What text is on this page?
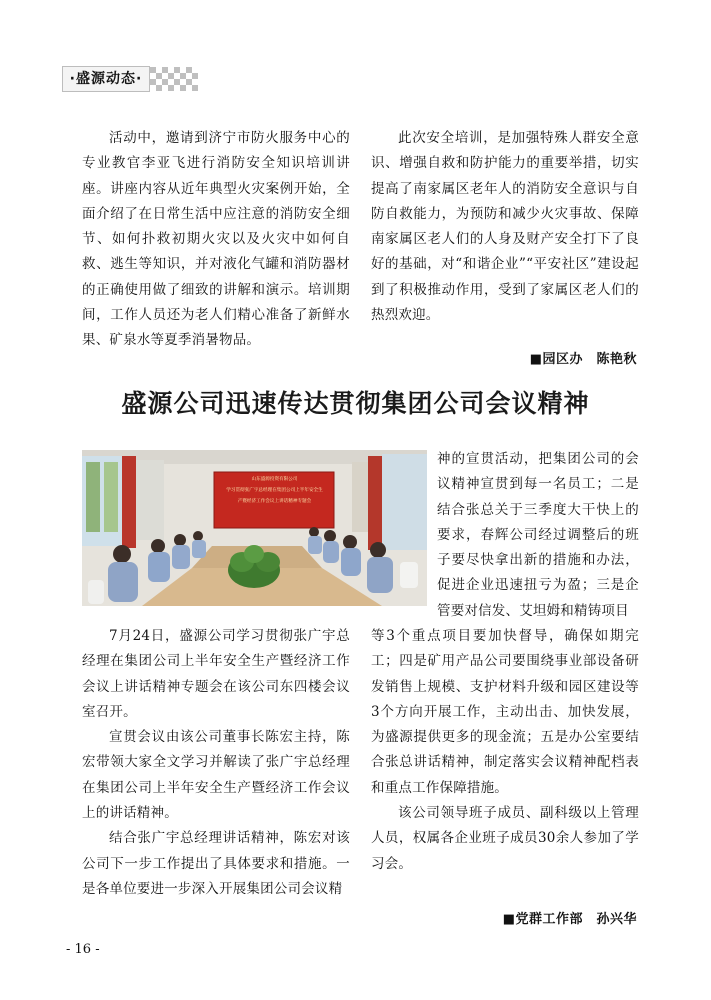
·盛源动态·

活动中，邀请到济宁市防火服务中心的专业教官李亚飞进行消防安全知识培训讲座。讲座内容从近年典型火灾案例开始，全面介绍了在日常生活中应注意的消防安全细节、如何扑救初期火灾以及火灾中如何自救、逃生等知识，并对液化气罐和消防器材的正确使用做了细致的讲解和演示。培训期间，工作人员还为老人们精心准备了新鲜水果、矿泉水等夏季消暑物品。

此次安全培训，是加强特殊人群安全意识、增强自救和防护能力的重要举措，切实提高了南家属区老年人的消防安全意识与自防自救能力，为预防和减少火灾事故、保障南家属区老人们的人身及财产安全打下了良好的基础，对“和谐企业”“平安社区”建设起到了积极推动作用，受到了家属区老人们的热烈欢迎。

■园区办　陈艳秋
盛源公司迅速传达贯彻集团公司会议精神
山东盛源投资有限公司
学习贯彻张广宇总经理在集团公司上半年安全生
产暨经济工作会议上讲话精神专题会

神的宣贯活动，把集团公司的会议精神宣贯到每一名员工；二是结合张总关于三季度大干快上的要求，春辉公司经过调整后的班子要尽快拿出新的措施和办法，促进企业迅速扭亏为盈；三是企管要对信发、艾坦姆和精铸项目

7月24日，盛源公司学习贯彻张广宇总经理在集团公司上半年安全生产暨经济工作会议上讲话精神专题会在该公司东四楼会议室召开。

宣贯会议由该公司董事长陈宏主持，陈宏带领大家全文学习并解读了张广宇总经理在集团公司上半年安全生产暨经济工作会议上的讲话精神。

结合张广宇总经理讲话精神，陈宏对该公司下一步工作提出了具体要求和措施。一是各单位要进一步深入开展集团公司会议精

等3个重点项目要加快督导，确保如期完工；四是矿用产品公司要围绕事业部设备研发销售上规模、支护材料升级和园区建设等3个方向开展工作，主动出击、加快发展，为盛源提供更多的现金流；五是办公室要结合张总讲话精神，制定落实会议精神配档表和重点工作保障措施。

该公司领导班子成员、副科级以上管理人员，权属各企业班子成员30余人参加了学习会。

■党群工作部　孙兴华
- 16 -
